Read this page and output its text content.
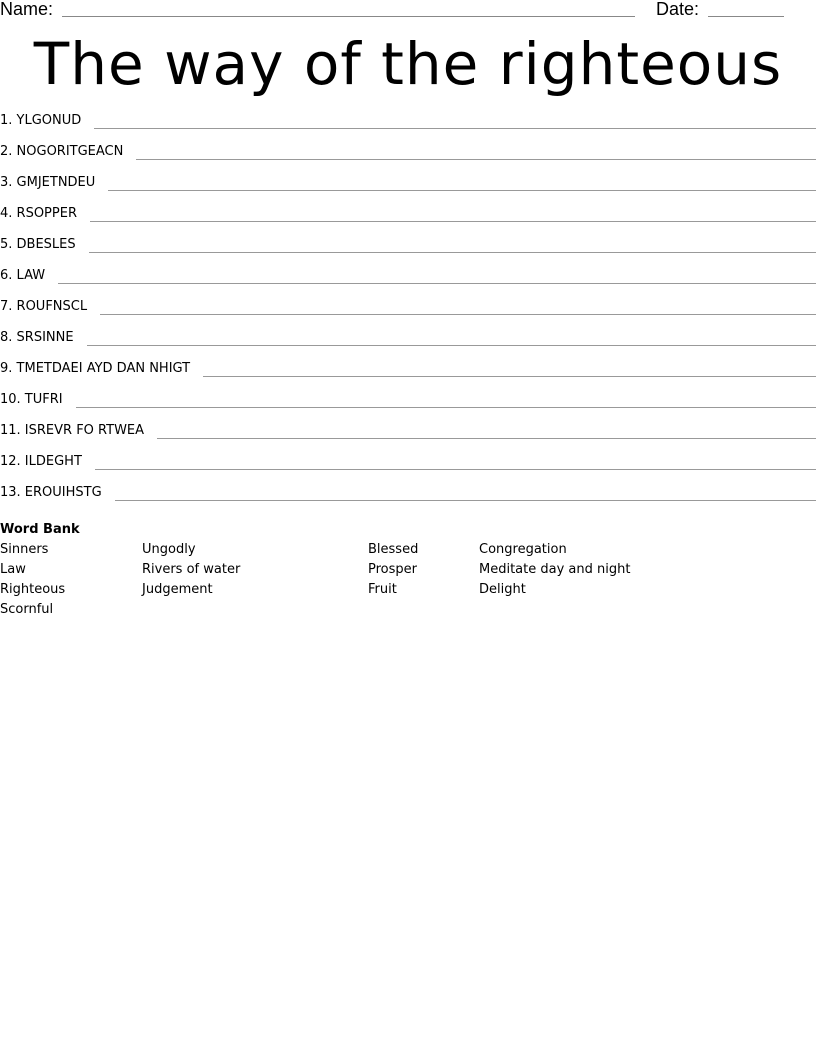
Name:	Date:
The way of the righteous
1. YLGONUD
2. NOGORITGEACN
3. GMJETNDEU
4. RSOPPER
5. DBESLES
6. LAW
7. ROUFNSCL
8. SRSINNE
9. TMETDAEI AYD DAN NHIGT
10. TUFRI
11. ISREVR FO RTWEA
12. ILDEGHT
13. EROUIHSTG
Word Bank
Sinners	Ungodly	Blessed	Congregation
Law	Rivers of water	Prosper	Meditate day and night
Righteous	Judgement	Fruit	Delight
Scornful
